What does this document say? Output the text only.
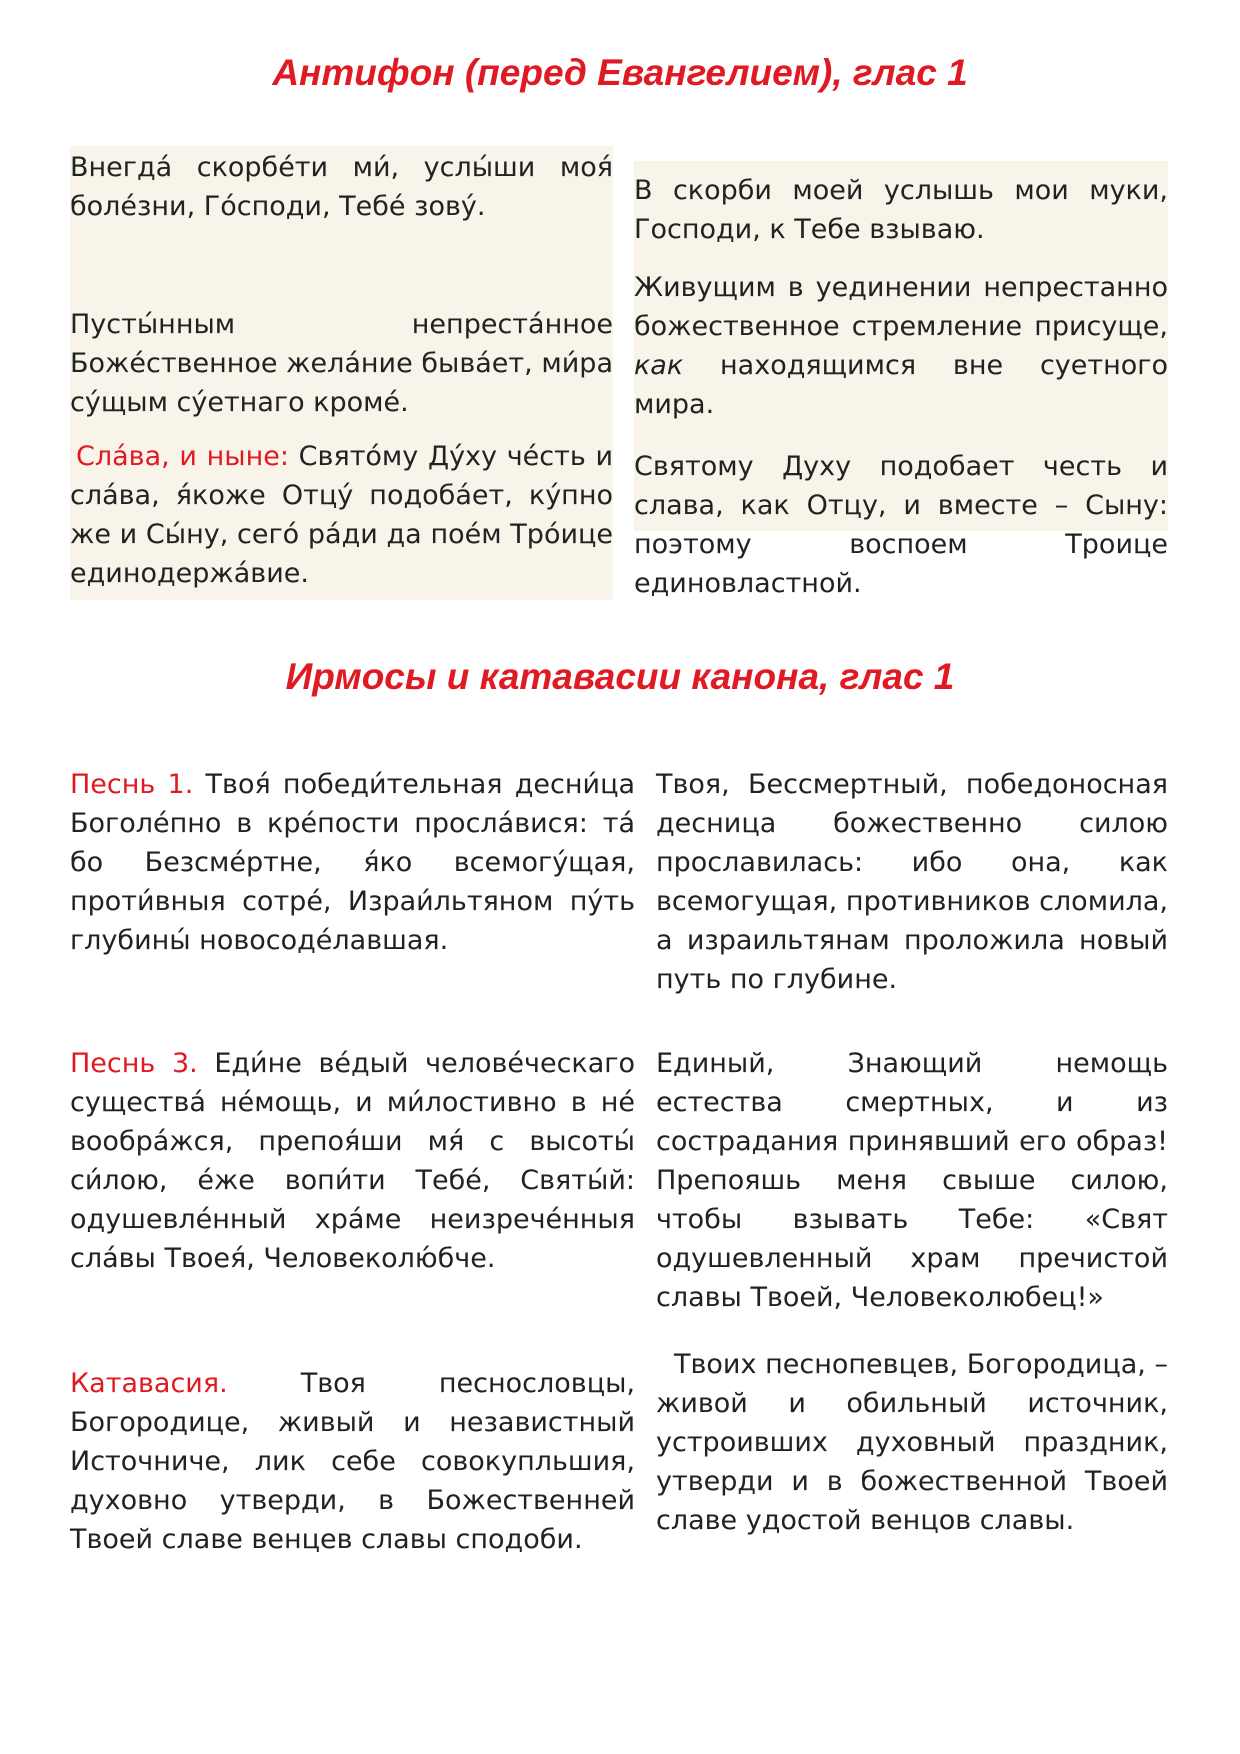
Антифон (перед Евангелием), глас 1

Внегда́ скорбе́ти ми́, услы́ши моя́ боле́зни, Го́споди, Тебе́ зову́.

Пусты́нным непреста́нное Боже́ственное жела́ние быва́ет, ми́ра су́щым су́етнаго кроме́.

Сла́ва, и ныне: Свято́му Ду́ху че́сть и сла́ва, я́коже Отцу́ подоба́ет, ку́пно же и Сы́ну, сего́ ра́ди да пое́м Тро́ице единодержа́вие.

В скорби моей услышь мои муки, Господи, к Тебе взываю.

Живущим в уединении непрестанно божественное стремление присуще, как находящимся вне суетного мира.

Святому Духу подобает честь и слава, как Отцу, и вместе – Сыну: поэтому воспоем Троице единовластной.

Ирмосы и катавасии канона, глас 1

Песнь 1. Твоя́ победи́тельная десни́ца Боголе́пно в кре́пости просла́вися: та́ бо Безсме́ртне, я́ко всемогу́щая, проти́вныя сотре́, Израи́льтяном пу́ть глубины́ новосоде́лавшая.

Твоя, Бессмертный, победоносная десница божественно силою прославилась: ибо она, как всемогущая, противников сломила, а израильтянам проложила новый путь по глубине.

Песнь 3. Еди́не ве́дый челове́ческаго существа́ не́мощь, и ми́лостивно в не́ вообра́жся, препоя́ши мя́ с высоты́ си́лою, е́же вопи́ти Тебе́, Святы́й: одушевле́нный хра́ме неизрече́нныя сла́вы Твоея́, Человеколю́бче.

Единый, Знающий немощь естества смертных, и из сострадания принявший его образ! Препояшь меня свыше силою, чтобы взывать Тебе: «Свят одушевленный храм пречистой славы Твоей, Человеколюбец!»

Катавасия. Твоя песнословцы, Богородице, живый и независтный Источниче, лик себе совокупльшия, духовно утверди, в Божественней Твоей славе венцев славы сподоби.

Твоих песнопевцев, Богородица, – живой и обильный источник, устроивших духовный праздник, утверди и в божественной Твоей славе удостой венцов славы.
